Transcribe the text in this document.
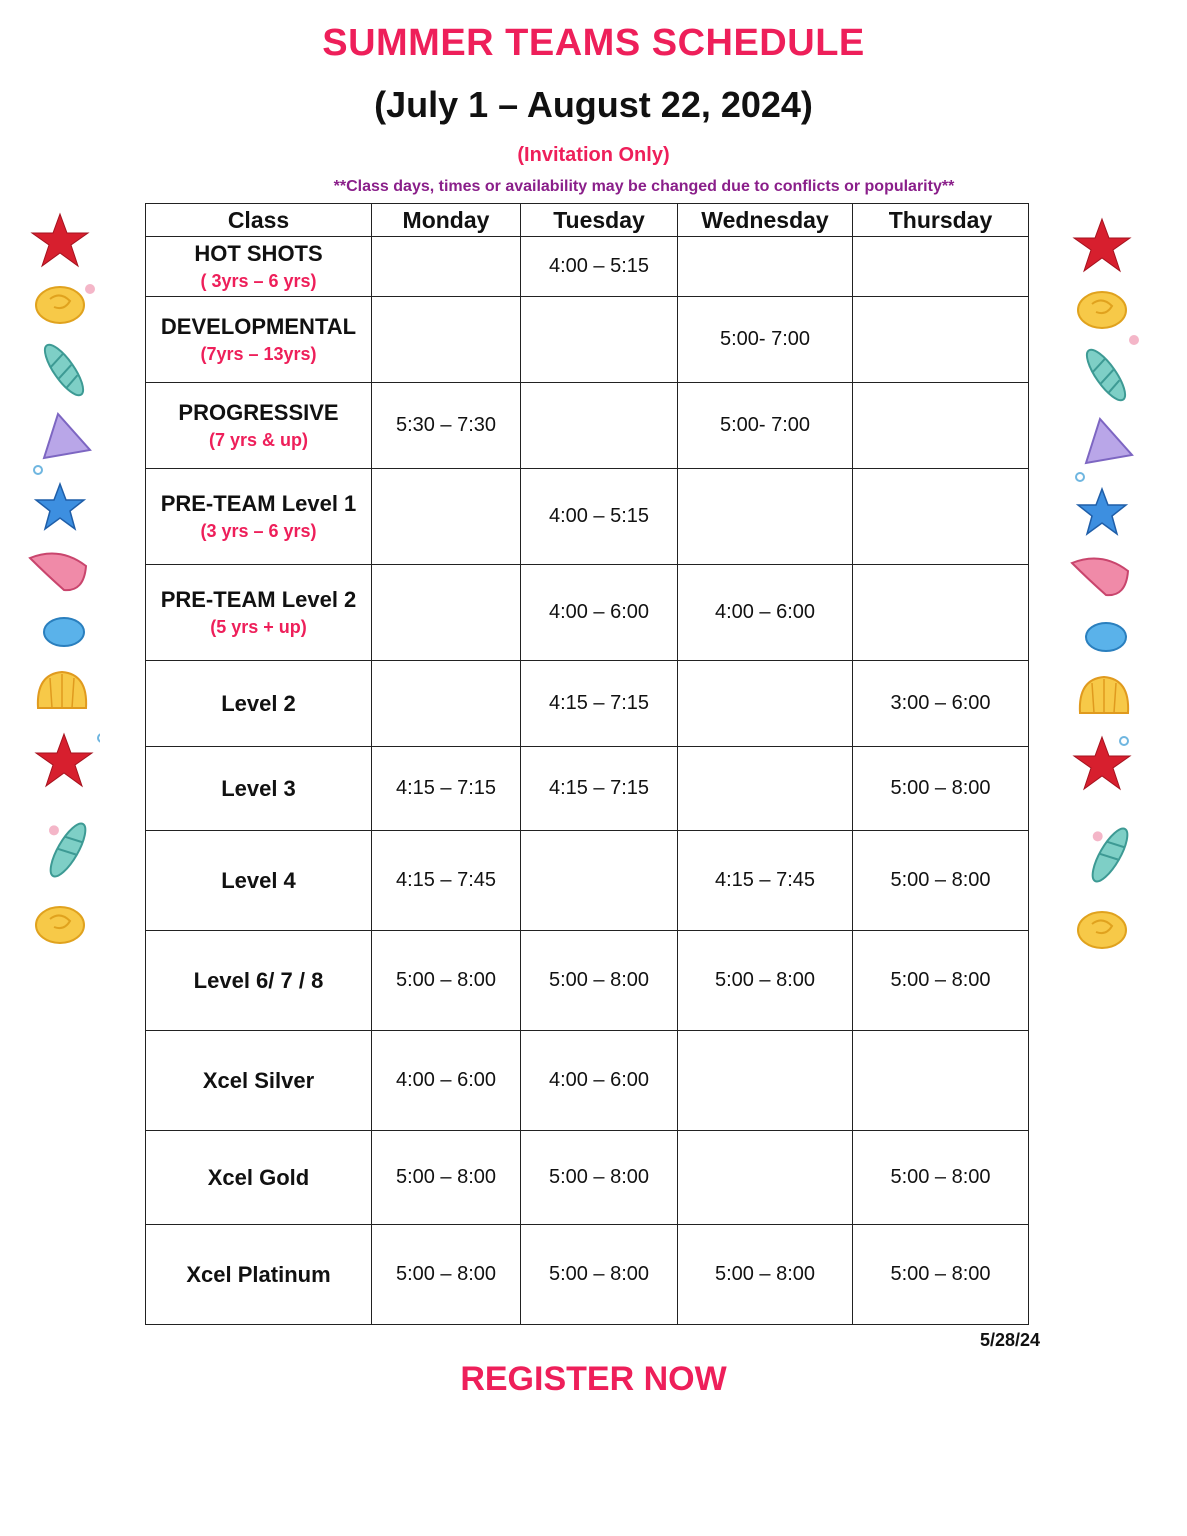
SUMMER TEAMS SCHEDULE
(July 1 – August 22, 2024)
(Invitation Only)
**Class days, times or availability may be changed due to conflicts or popularity**
Class	Monday	Tuesday	Wednesday	Thursday

HOT SHOTS
( 3yrs – 6 yrs)		4:00 – 5:15		

DEVELOPMENTAL
(7yrs – 13yrs)			5:00- 7:00	

PROGRESSIVE
(7 yrs & up)	5:30 – 7:30		5:00- 7:00	

PRE-TEAM Level 1
(3 yrs – 6 yrs)		4:00 – 5:15		

PRE-TEAM Level 2
(5 yrs + up)		4:00 – 6:00	4:00 – 6:00	

Level 2		4:15 – 7:15		3:00 – 6:00

Level 3	4:15 – 7:15	4:15 – 7:15		5:00 – 8:00

Level 4	4:15 – 7:45		4:15 – 7:45	5:00 – 8:00

Level 6/ 7 / 8	5:00 – 8:00	5:00 – 8:00	5:00 – 8:00	5:00 – 8:00

Xcel Silver	4:00 – 6:00	4:00 – 6:00		

Xcel Gold	5:00 – 8:00	5:00 – 8:00		5:00 – 8:00

Xcel Platinum	5:00 – 8:00	5:00 – 8:00	5:00 – 8:00	5:00 – 8:00
5/28/24
REGISTER NOW
